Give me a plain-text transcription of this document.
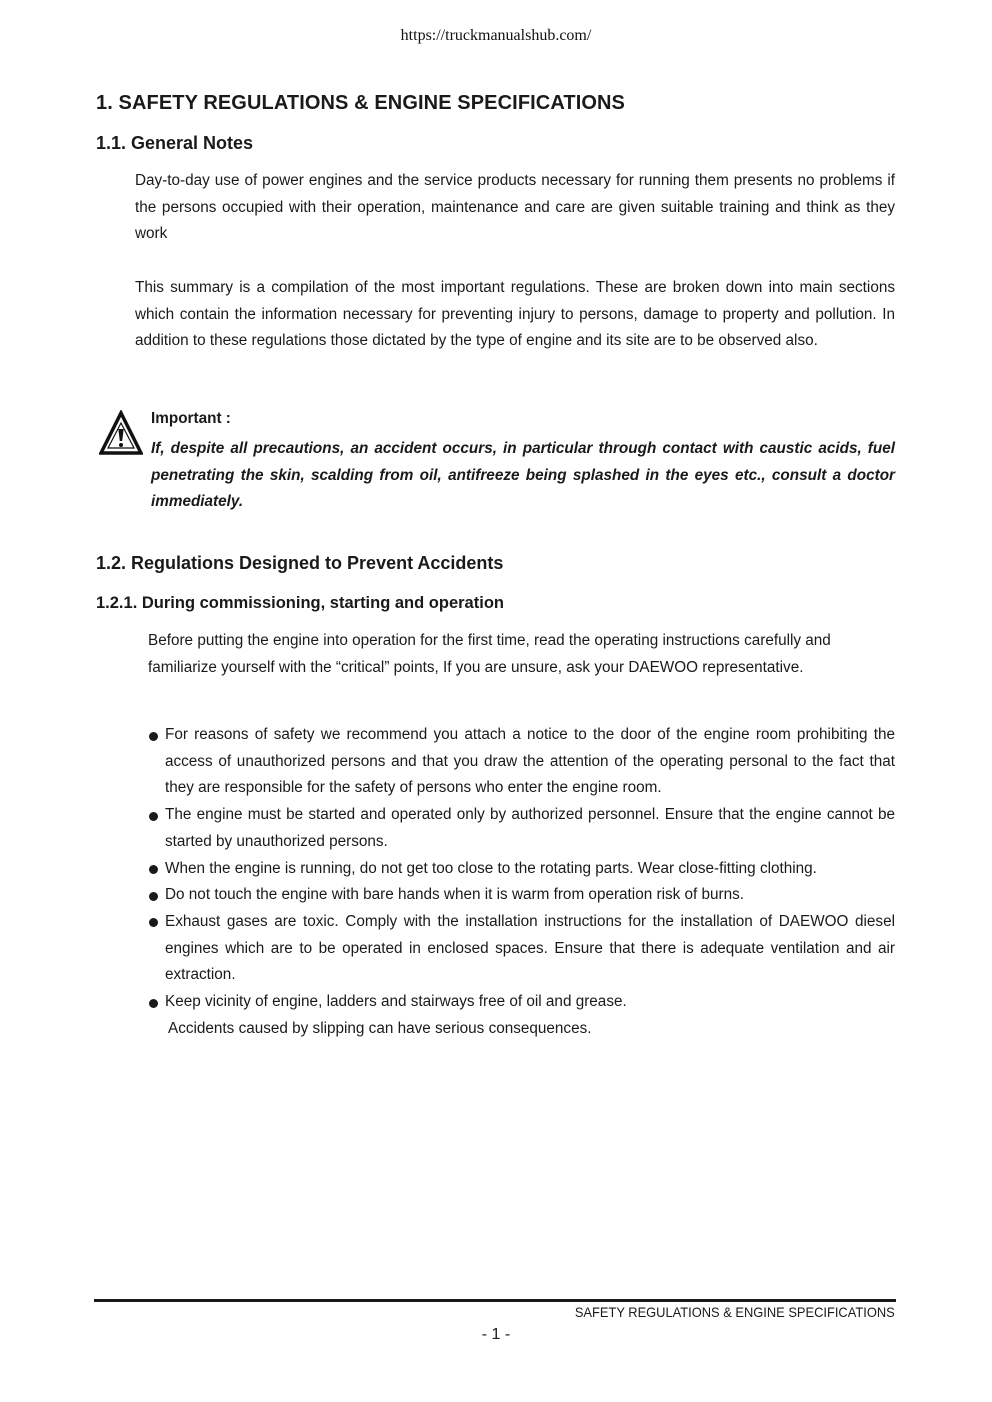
https://truckmanualshub.com/
1. SAFETY REGULATIONS & ENGINE SPECIFICATIONS
1.1. General Notes

Day-to-day use of power engines and the service products necessary for running them presents no problems if the persons occupied with their operation, maintenance and care are given suitable training and think as they work

This summary is a compilation of the most important regulations. These are broken down into main sections which contain the information necessary for preventing injury to persons, damage to property and pollution. In addition to these regulations those dictated by the type of engine and its site are to be observed also.

Important :

If, despite all precautions, an accident occurs, in particular through contact with caustic acids, fuel penetrating the skin, scalding from oil, antifreeze being splashed in the eyes etc., consult a doctor immediately.

1.2. Regulations Designed to Prevent Accidents
1.2.1. During commissioning, starting and operation

Before putting the engine into operation for the first time, read the operating instructions carefully and familiarize yourself with the “critical” points, If you are unsure, ask your DAEWOO representative.

For reasons of safety we recommend you attach a notice to the door of the engine room prohibiting the access of unauthorized persons and that you draw the attention of the operating personal to the fact that they are responsible for the safety of persons who enter the engine room.
The engine must be started and operated only by authorized personnel. Ensure that the engine cannot be started by unauthorized persons.
When the engine is running, do not get too close to the rotating parts. Wear close-fitting clothing.
Do not touch the engine with bare hands when it is warm from operation risk of burns.
Exhaust gases are toxic. Comply with the installation instructions for the installation of DAEWOO diesel engines which are to be operated in enclosed spaces. Ensure that there is adequate ventilation and air extraction.
Keep vicinity of engine, ladders and stairways free of oil and grease.
Accidents caused by slipping can have serious consequences.
SAFETY REGULATIONS & ENGINE SPECIFICATIONS
- 1 -
